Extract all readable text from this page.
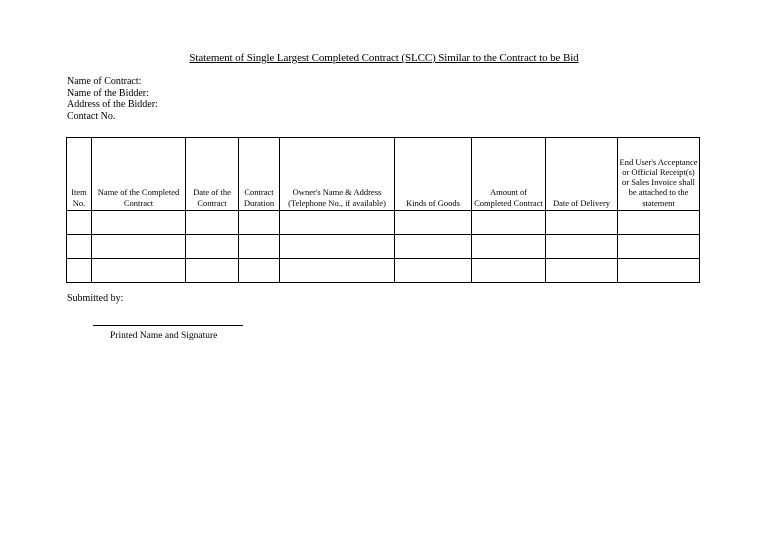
Statement of Single Largest Completed Contract (SLCC) Similar to the Contract to be Bid
Name of Contract:
Name of the Bidder:
Address of the Bidder:
Contact No.
Item No.	Name of the Completed Contract	Date of the Contract	Contract Duration	Owner's Name & Address (Telephone No., if available)	Kinds of Goods	Amount of Completed Contract	Date of Delivery	End User's Acceptance or Official Receipt(s) or Sales Invoice shall be attached to the statement

Submitted by:
Printed Name and Signature
